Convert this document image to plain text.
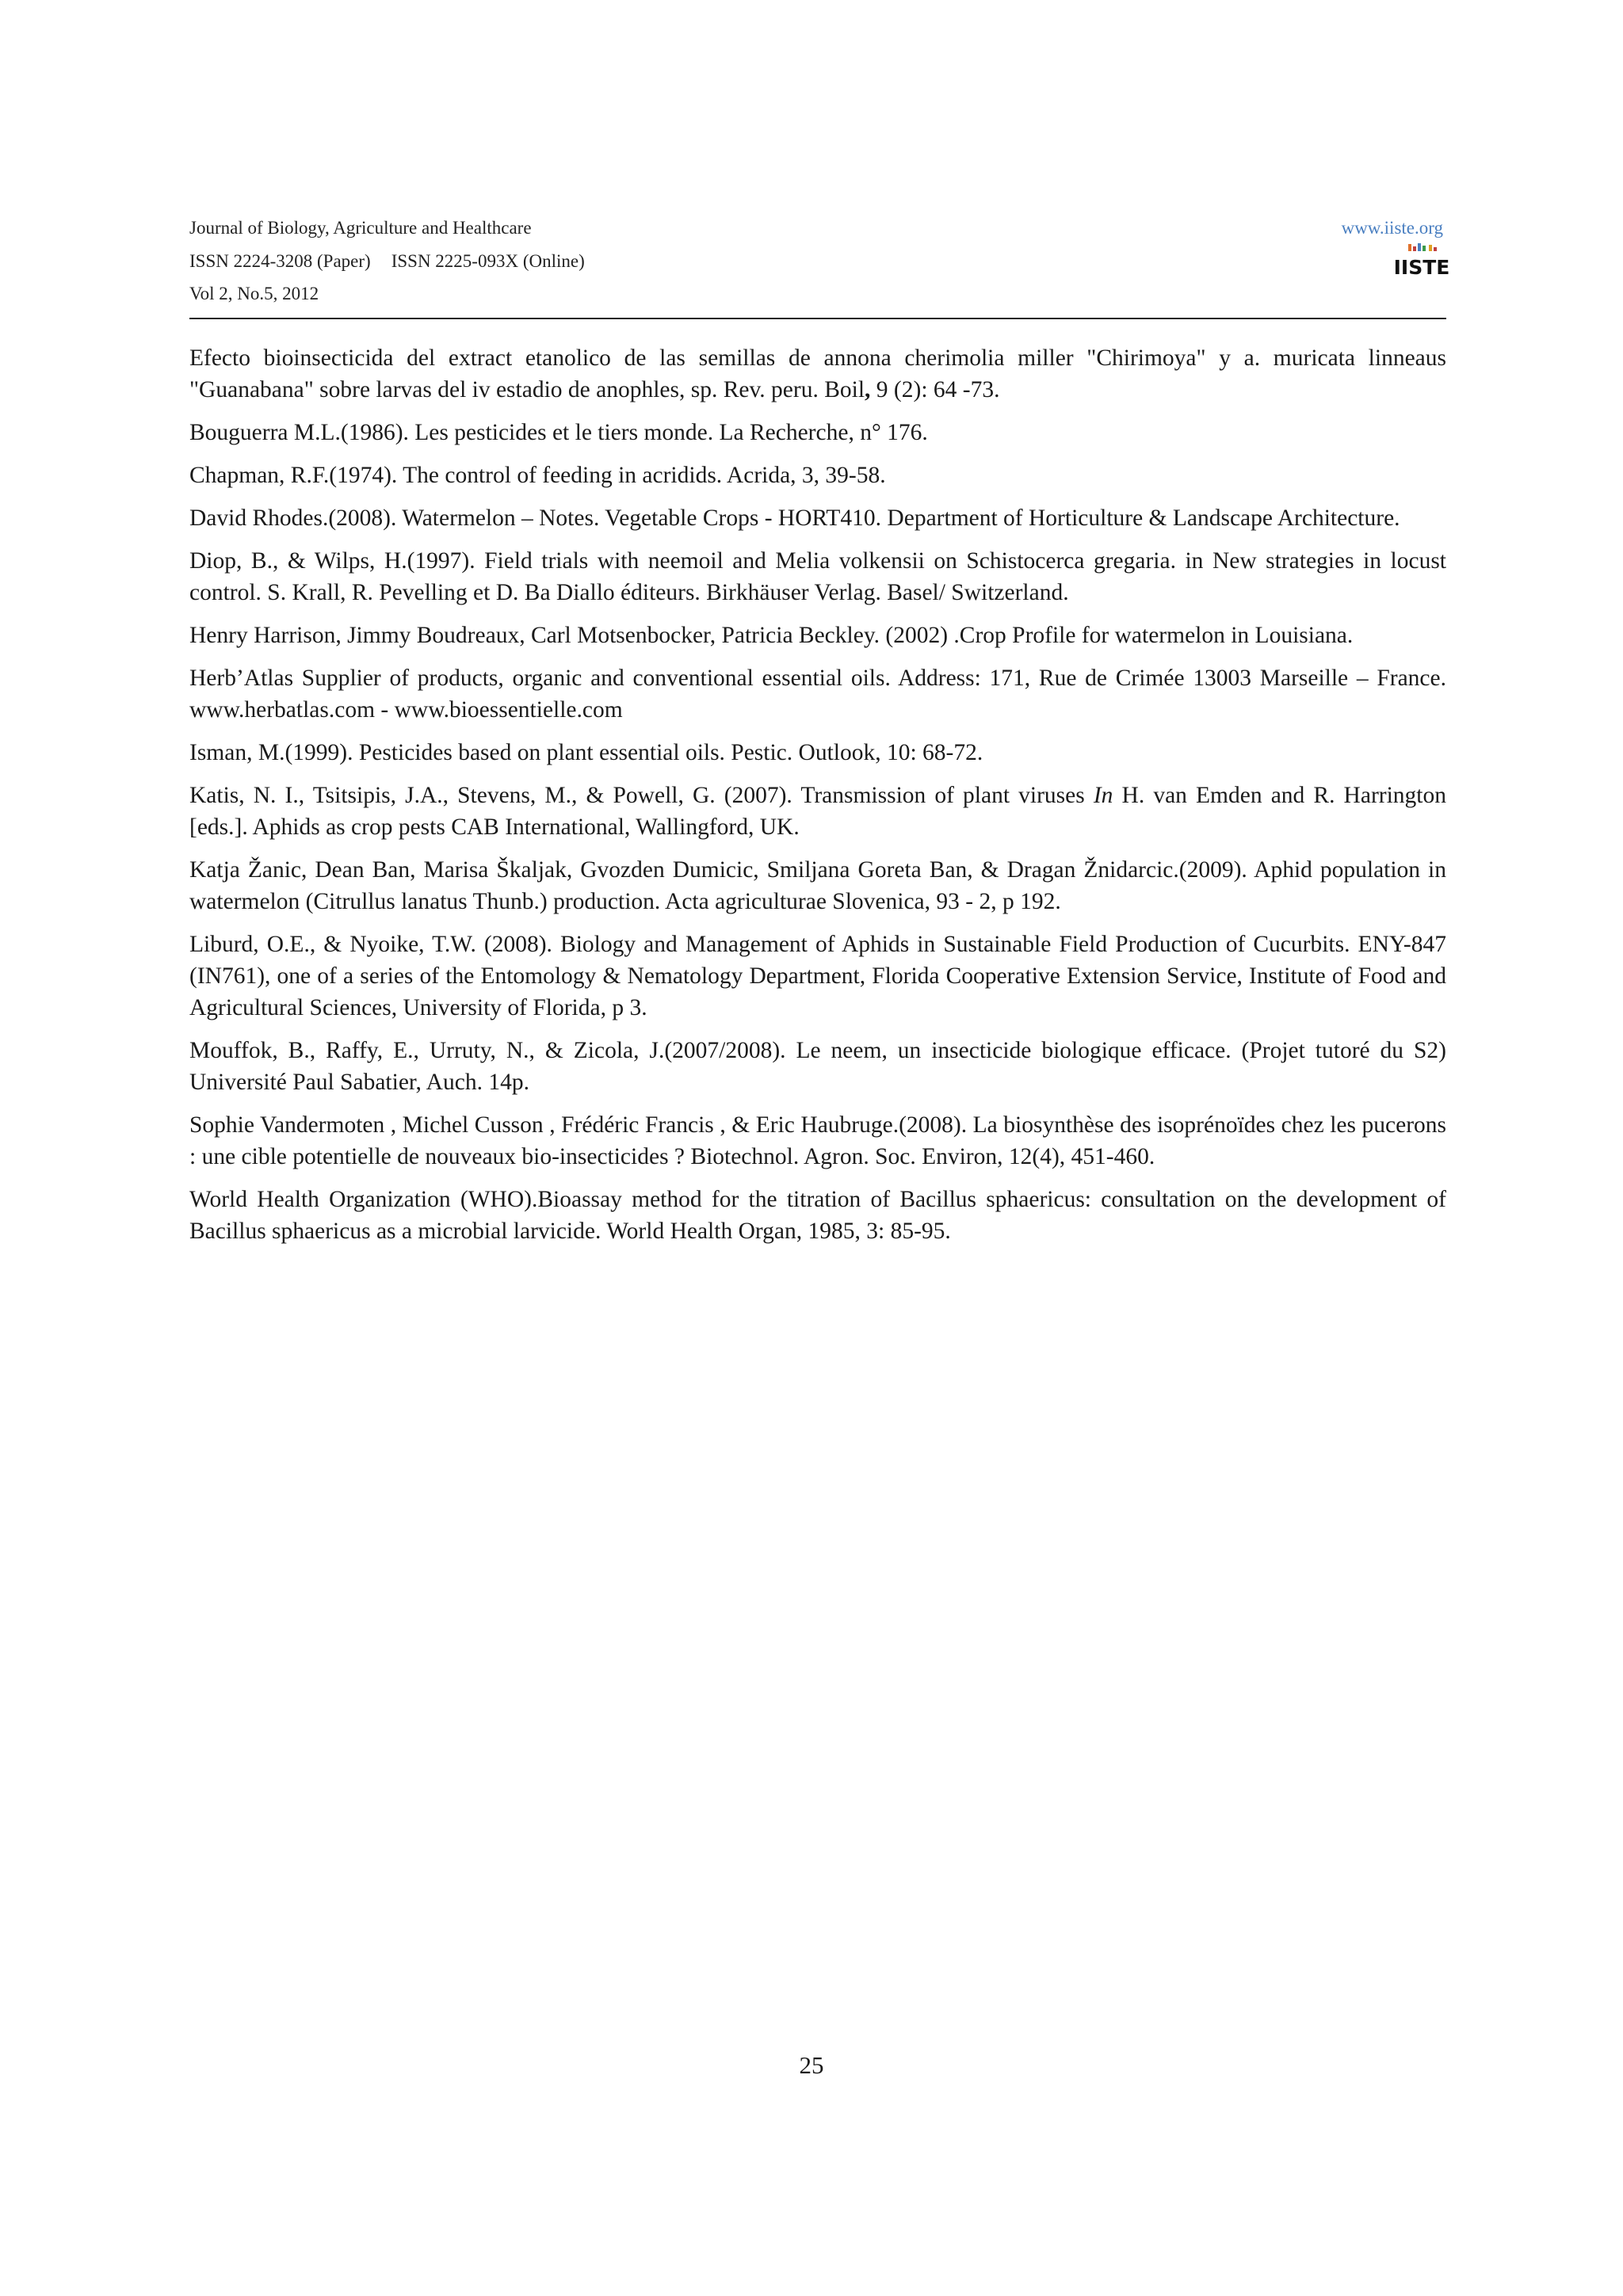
Journal of Biology, Agriculture and Healthcare
ISSN 2224-3208 (Paper) ISSN 2225-093X (Online)
Vol 2, No.5, 2012
www.iiste.org
IISTE

Efecto bioinsecticida del extract etanolico de las semillas de annona cherimolia miller "Chirimoya" y a. muricata linneaus "Guanabana" sobre larvas del iv estadio de anophles, sp. Rev. peru. Boil, 9 (2): 64 -73.

Bouguerra M.L.(1986). Les pesticides et le tiers monde. La Recherche, n° 176.

Chapman, R.F.(1974). The control of feeding in acridids. Acrida, 3, 39-58.

David Rhodes.(2008). Watermelon – Notes. Vegetable Crops - HORT410. Department of Horticulture & Landscape Architecture.

Diop, B., & Wilps, H.(1997). Field trials with neemoil and Melia volkensii on Schistocerca gregaria. in New strategies in locust control. S. Krall, R. Pevelling et D. Ba Diallo éditeurs. Birkhäuser Verlag. Basel/ Switzerland.

Henry Harrison, Jimmy Boudreaux, Carl Motsenbocker, Patricia Beckley. (2002) .Crop Profile for watermelon in Louisiana.

Herb’Atlas Supplier of products, organic and conventional essential oils. Address: 171, Rue de Crimée 13003 Marseille – France. www.herbatlas.com - www.bioessentielle.com

Isman, M.(1999). Pesticides based on plant essential oils. Pestic. Outlook, 10: 68-72.

Katis, N. I., Tsitsipis, J.A., Stevens, M., & Powell, G. (2007). Transmission of plant viruses In H. van Emden and R. Harrington [eds.]. Aphids as crop pests CAB International, Wallingford, UK.

Katja Žanic, Dean Ban, Marisa Škaljak, Gvozden Dumicic, Smiljana Goreta Ban, & Dragan Žnidarcic.(2009). Aphid population in watermelon (Citrullus lanatus Thunb.) production. Acta agriculturae Slovenica, 93 - 2, p 192.

Liburd, O.E., & Nyoike, T.W. (2008). Biology and Management of Aphids in Sustainable Field Production of Cucurbits. ENY-847 (IN761), one of a series of the Entomology & Nematology Department, Florida Cooperative Extension Service, Institute of Food and Agricultural Sciences, University of Florida, p 3.

Mouffok, B., Raffy, E., Urruty, N., & Zicola, J.(2007/2008). Le neem, un insecticide biologique efficace. (Projet tutoré du S2) Université Paul Sabatier, Auch. 14p.

Sophie Vandermoten , Michel Cusson , Frédéric Francis , & Eric Haubruge.(2008). La biosynthèse des isoprénoïdes chez les pucerons : une cible potentielle de nouveaux bio-insecticides ? Biotechnol. Agron. Soc. Environ, 12(4), 451-460.

World Health Organization (WHO).Bioassay method for the titration of Bacillus sphaericus: consultation on the development of Bacillus sphaericus as a microbial larvicide. World Health Organ, 1985, 3: 85-95.

25
